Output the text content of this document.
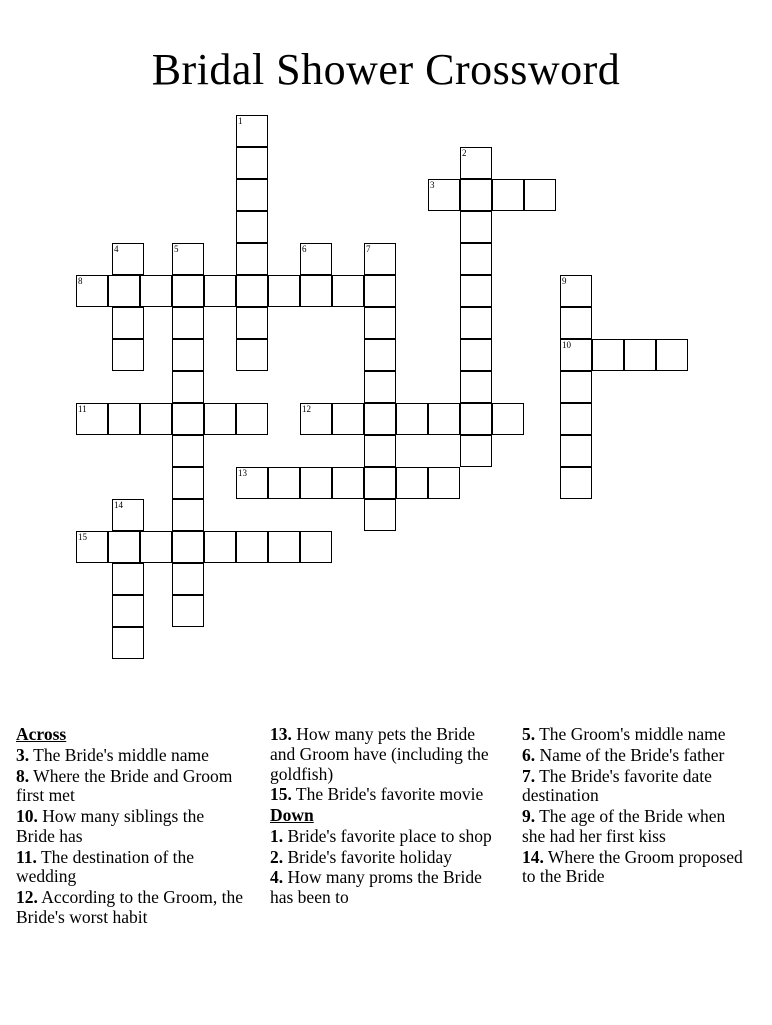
Bridal Shower Crossword
1
2
3
4	5	6	7
8	9
10
11	12
13
14
15
Across
3. The Bride's middle name
8. Where the Bride and Groom first met
10. How many siblings the Bride has
11. The destination of the wedding
12. According to the Groom, the Bride's worst habit
13. How many pets the Bride and Groom have (including the goldfish)
15. The Bride's favorite movie
Down
1. Bride's favorite place to shop
2. Bride's favorite holiday
4. How many proms the Bride has been to
5. The Groom's middle name
6. Name of the Bride's father
7. The Bride's favorite date destination
9. The age of the Bride when she had her first kiss
14. Where the Groom proposed to the Bride
